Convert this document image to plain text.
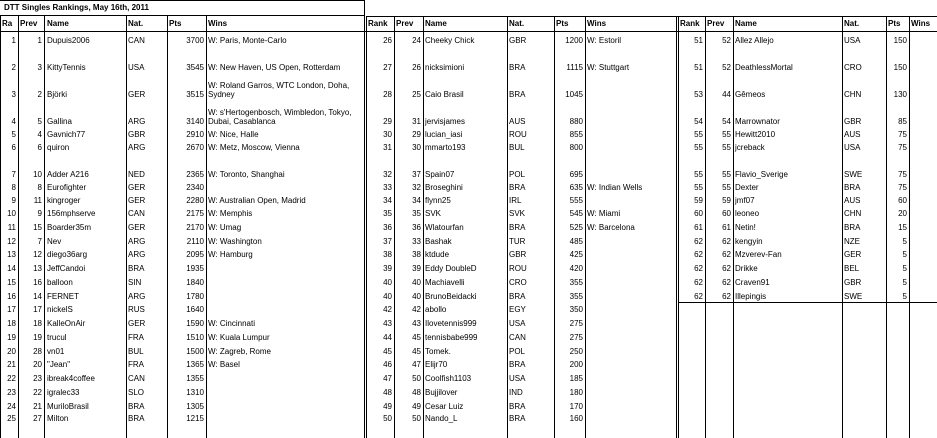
DTT Singles Rankings, May 16th, 2011
Ra Prev	Name	Nat.	Pts	Wins	Rank	Prev	Name	Nat.	Pts	Wins	Rank Prev	Name	Nat.	Pts	Wins
1	1 Dupuis2006	CAN	3700 W: Paris, Monte-Carlo
2	3 KittyTennis	USA	3545 W: New Haven, US Open, Rotterdam
3	2 Björki	GER	3515
W: Roland Garros, WTC London, Doha, Sydney
4	5 Gallina	ARG	3140
W: s'Hertogenbosch, Wimbledon, Tokyo, Dubai, Casablanca
5	4 Gavnich77	GBR	2910 W: Nice, Halle
6	6 quiron	ARG	2670 W: Metz, Moscow, Vienna
7	10 Adder A216	NED	2365 W: Toronto, Shanghai
8	8 Eurofighter	GER	2340
9	11 kingroger	GER	2280 W: Australian Open, Madrid
10	9 156mphserve	CAN	2175 W: Memphis
11	15 Boarder35m	GER	2170 W: Umag
12	7 Nev	ARG	2110 W: Washington
13	12 diego36arg	ARG	2095 W: Hamburg
14	13 JeffCandoi	BRA	1935
15	16 balloon	SIN	1840
16	14 FERNET	ARG	1780
17	17 nickelS	RUS	1640
18	18 KalleOnAir	GER	1590 W: Cincinnati
19	19 trucul	FRA	1510 W: Kuala Lumpur
20	28 vn01	BUL	1500 W: Zagreb, Rome
21	20 "Jean"	FRA	1365 W: Basel
22	23 ibreak4coffee	CAN	1355
23	22 igralec33	SLO	1310
24	21 MuriloBrasil	BRA	1305
25	27 Milton	BRA	1215
26	24 Cheeky Chick	GBR	1200 W: Estoril
27	26 nicksimioni	BRA	1115 W: Stuttgart
28	25 Caio Brasil	BRA	1045
29	31 jervisjames	AUS	880
30	29 lucian_iasi	ROU	855
31	30 mmarto193	BUL	800
32	37 Spain07	POL	695
33	32 Broseghini	BRA	635 W: Indian Wells
34	34 flynn25	IRL	555
35	35 SVK	SVK	545 W: Miami
36	36 Wlatourfan	BRA	525 W: Barcelona
37	33 Bashak	TUR	485
38	38 ktdude	GBR	425
39	39 Eddy DoubleD	ROU	420
40	40 Machiavelli	CRO	355
40	40 BrunoBeidacki	BRA	355
42	42 abollo	EGY	350
43	43 Ilovetennis999	USA	275
44	45 tennisbabe999	CAN	275
45	45 Tomek.	POL	250
46	47 Elijr70	BRA	200
47	50 Coolfish1103	USA	185
48	48 Bujjilover	IND	180
49	49 Cesar Luiz	BRA	170
50	50 Nando_L	BRA	160
51	52 Allez Allejo	USA	150
51	52 DeathlessMortal	CRO	150
53	44 Gêmeos	CHN	130
54	54 Marrownator	GBR	85
55	55 Hewitt2010	AUS	75
55	55 jcreback	USA	75
55	55 Flavio_Sverige	SWE	75
55	55 Dexter	BRA	75
59	59 jmf07	AUS	60
60	60 leoneo	CHN	20
61	61 Netin!	BRA	15
62	62 kengyin	NZE	5
62	62 Mzverev-Fan	GER	5
62	62 Drikke	BEL	5
62	62 Craven91	GBR	5
62	62 Illepingis	SWE	5
